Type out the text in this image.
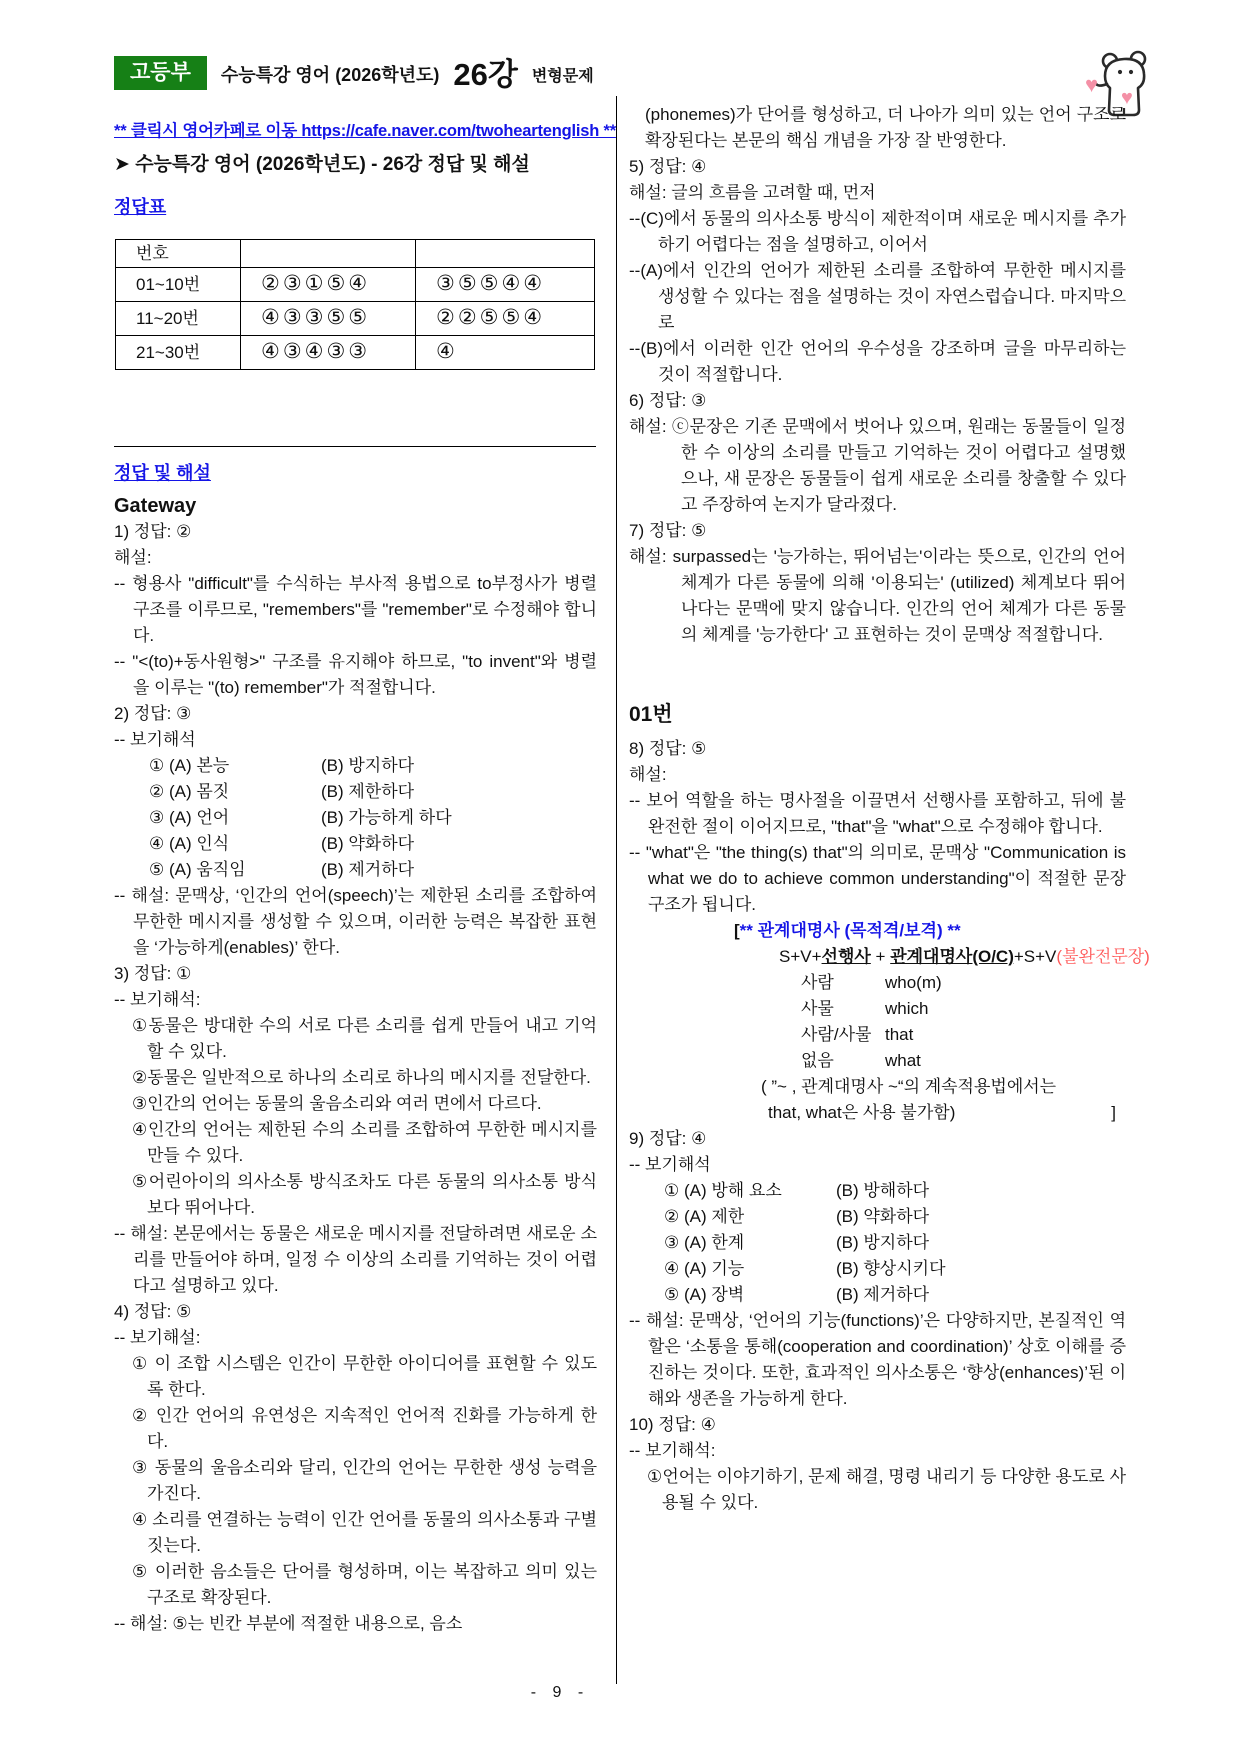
고등부	수능특강 영어 (2026학년도) 26강 변형문제	♥
♥
** 클릭시 영어카페로 이동 https://cafe.naver.com/twoheartenglish **
➤ 수능특강 영어 (2026학년도) - 26강 정답 및 해설
정답표
번호		
01~10번	②③①⑤④	③⑤⑤④④
11~20번	④③③⑤⑤	②②⑤⑤④
21~30번	④③④③③	④
정답 및 해설
Gateway
1) 정답: ②
해설:
-- 형용사 "difficult"를 수식하는 부사적 용법으로 to부정사가 병렬 구조를 이루므로, "remembers"를 "remember"로 수정해야 합니다.
-- "<(to)+동사원형>" 구조를 유지해야 하므로, "to invent"와 병렬을 이루는 "(to) remember"가 적절합니다.
2) 정답: ③
-- 보기해석
① (A) 본능	(B) 방지하다
② (A) 몸짓	(B) 제한하다
③ (A) 언어	(B) 가능하게 하다
④ (A) 인식	(B) 약화하다
⑤ (A) 움직임	(B) 제거하다
-- 해설: 문맥상, ‘인간의 언어(speech)’는 제한된 소리를 조합하여 무한한 메시지를 생성할 수 있으며, 이러한 능력은 복잡한 표현을 ‘가능하게(enables)’ 한다.
3) 정답: ①
-- 보기해석:
①동물은 방대한 수의 서로 다른 소리를 쉽게 만들어 내고 기억할 수 있다.
②동물은 일반적으로 하나의 소리로 하나의 메시지를 전달한다.
③인간의 언어는 동물의 울음소리와 여러 면에서 다르다.
④인간의 언어는 제한된 수의 소리를 조합하여 무한한 메시지를 만들 수 있다.
⑤어린아이의 의사소통 방식조차도 다른 동물의 의사소통 방식보다 뛰어나다.
-- 해설: 본문에서는 동물은 새로운 메시지를 전달하려면 새로운 소리를 만들어야 하며, 일정 수 이상의 소리를 기억하는 것이 어렵다고 설명하고 있다.
4) 정답: ⑤
-- 보기해설:
① 이 조합 시스템은 인간이 무한한 아이디어를 표현할 수 있도록 한다.
② 인간 언어의 유연성은 지속적인 언어적 진화를 가능하게 한다.
③ 동물의 울음소리와 달리, 인간의 언어는 무한한 생성 능력을 가진다.
④ 소리를 연결하는 능력이 인간 언어를 동물의 의사소통과 구별 짓는다.
⑤ 이러한 음소들은 단어를 형성하며, 이는 복잡하고 의미 있는 구조로 확장된다.
-- 해설: ⑤는 빈칸 부분에 적절한 내용으로, 음소
(phonemes)가 단어를 형성하고, 더 나아가 의미 있는 언어 구조로 확장된다는 본문의 핵심 개념을 가장 잘 반영한다.
5) 정답: ④
해설: 글의 흐름을 고려할 때, 먼저
--(C)에서 동물의 의사소통 방식이 제한적이며 새로운 메시지를 추가하기 어렵다는 점을 설명하고, 이어서
--(A)에서 인간의 언어가 제한된 소리를 조합하여 무한한 메시지를 생성할 수 있다는 점을 설명하는 것이 자연스럽습니다. 마지막으로
--(B)에서 이러한 인간 언어의 우수성을 강조하며 글을 마무리하는 것이 적절합니다.
6) 정답: ③
해설: ⓒ문장은 기존 문맥에서 벗어나 있으며, 원래는 동물들이 일정한 수 이상의 소리를 만들고 기억하는 것이 어렵다고 설명했으나, 새 문장은 동물들이 쉽게 새로운 소리를 창출할 수 있다고 주장하여 논지가 달라졌다.
7) 정답: ⑤
해설: surpassed는 '능가하는, 뛰어넘는'이라는 뜻으로, 인간의 언어 체계가 다른 동물에 의해 '이용되는' (utilized) 체계보다 뛰어나다는 문맥에 맞지 않습니다. 인간의 언어 체계가 다른 동물의 체계를 '능가한다' 고 표현하는 것이 문맥상 적절합니다.
01번
8) 정답: ⑤
해설:
-- 보어 역할을 하는 명사절을 이끌면서 선행사를 포함하고, 뒤에 불완전한 절이 이어지므로, "that"을 "what"으로 수정해야 합니다.
-- "what"은 "the thing(s) that"의 의미로, 문맥상 "Communication is what we do to achieve common understanding"이 적절한 문장 구조가 됩니다.
[** 관계대명사 (목적격/보격) **
S+V+선행사 + 관계대명사(O/C)+S+V(불완전문장)
사람	who(m)
사물	which
사람/사물 that
없음	what
( ”~ , 관계대명사 ~“의 계속적용법에서는
that, what은 사용 불가함)	]
9) 정답: ④
-- 보기해석
① (A) 방해 요소	(B) 방해하다
② (A) 제한	(B) 약화하다
③ (A) 한계	(B) 방지하다
④ (A) 기능	(B) 향상시키다
⑤ (A) 장벽	(B) 제거하다
-- 해설: 문맥상, ‘언어의 기능(functions)’은 다양하지만, 본질적인 역할은 ‘소통을 통해(cooperation and coordination)’ 상호 이해를 증진하는 것이다. 또한, 효과적인 의사소통은 ‘향상(enhances)’된 이해와 생존을 가능하게 한다.
10) 정답: ④
-- 보기해석:
①언어는 이야기하기, 문제 해결, 명령 내리기 등 다양한 용도로 사용될 수 있다.
- 9 -
